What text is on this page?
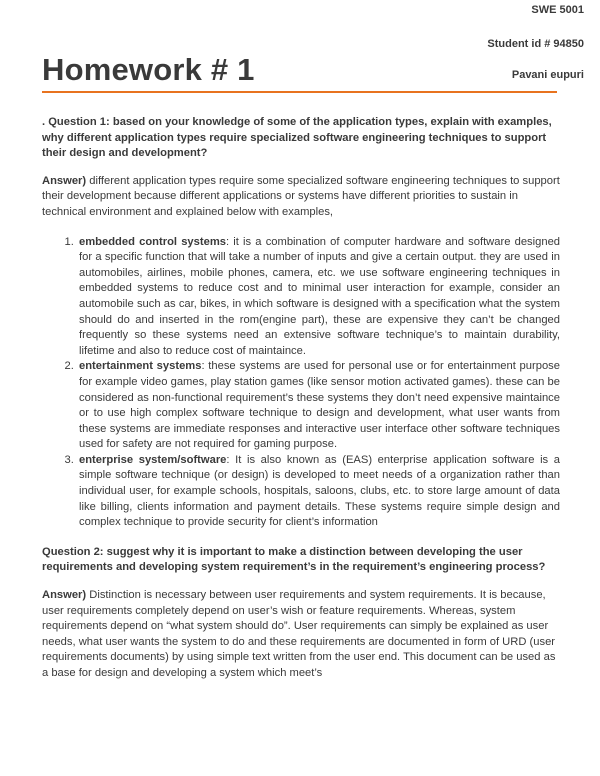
SWE 5001
Student id # 94850
Homework # 1	Pavani eupuri

. Question 1: based on your knowledge of some of the application types, explain with examples, why different application types require specialized software engineering techniques to support their design and development?

Answer) different application types require some specialized software engineering techniques to support their development because different applications or systems have different priorities to sustain in technical environment and explained below with examples,

1. embedded control systems: it is a combination of computer hardware and software designed for a specific function that will take a number of inputs and give a certain output. they are used in automobiles, airlines, mobile phones, camera, etc. we use software engineering techniques in embedded systems to reduce cost and to minimal user interaction for example, consider an automobile such as car, bikes, in which software is designed with a specification what the system should do and inserted in the rom(engine part), these are expensive they can’t be changed frequently so these systems need an extensive software technique’s to maintain durability, lifetime and also to reduce cost of maintaince.
2. entertainment systems: these systems are used for personal use or for entertainment purpose for example video games, play station games (like sensor motion activated games). these can be considered as non-functional requirement’s these systems they don’t need expensive maintaince or to use high complex software technique to design and development, what user wants from these systems are immediate responses and interactive user interface other software techniques used for safety are not required for gaming purpose.
3. enterprise system/software: It is also known as (EAS) enterprise application software is a simple software technique (or design) is developed to meet needs of a organization rather than individual user, for example schools, hospitals, saloons, clubs, etc. to store large amount of data like billing, clients information and payment details. These systems require simple design and complex technique to provide security for client’s information

Question 2: suggest why it is important to make a distinction between developing the user requirements and developing system requirement’s in the requirement’s engineering process?

Answer) Distinction is necessary between user requirements and system requirements. It is because, user requirements completely depend on user’s wish or feature requirements. Whereas, system requirements depend on “what system should do”. User requirements can simply be explained as user needs, what user wants the system to do and these requirements are documented in form of URD (user requirements documents) by using simple text written from the user end. This document can be used as a base for design and developing a system which meet’s
